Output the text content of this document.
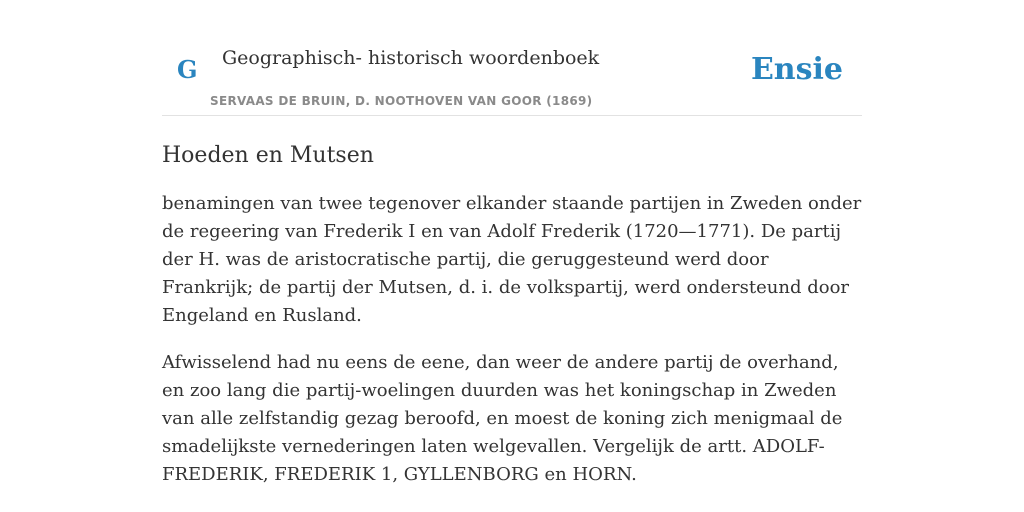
G Geographisch- historisch woordenboek
SERVAAS DE BRUIN, D. NOOTHOVEN VAN GOOR (1869)
Ensie
Hoeden en Mutsen

benamingen van twee tegenover elkander staande partijen in Zweden onder de regeering van Frederik I en van Adolf Frederik (1720—1771). De partij der H. was de aristocratische partij, die geruggesteund werd door Frankrijk; de partij der Mutsen, d. i. de volkspartij, werd ondersteund door Engeland en Rusland.

Afwisselend had nu eens de eene, dan weer de andere partij de overhand, en zoo lang die partij-woelingen duurden was het koningschap in Zweden van alle zelfstandig gezag beroofd, en moest de koning zich menigmaal de smadelijkste vernederingen laten welgevallen. Vergelijk de artt. ADOLF-FREDERIK, FREDERIK 1, GYLLENBORG en HORN.
